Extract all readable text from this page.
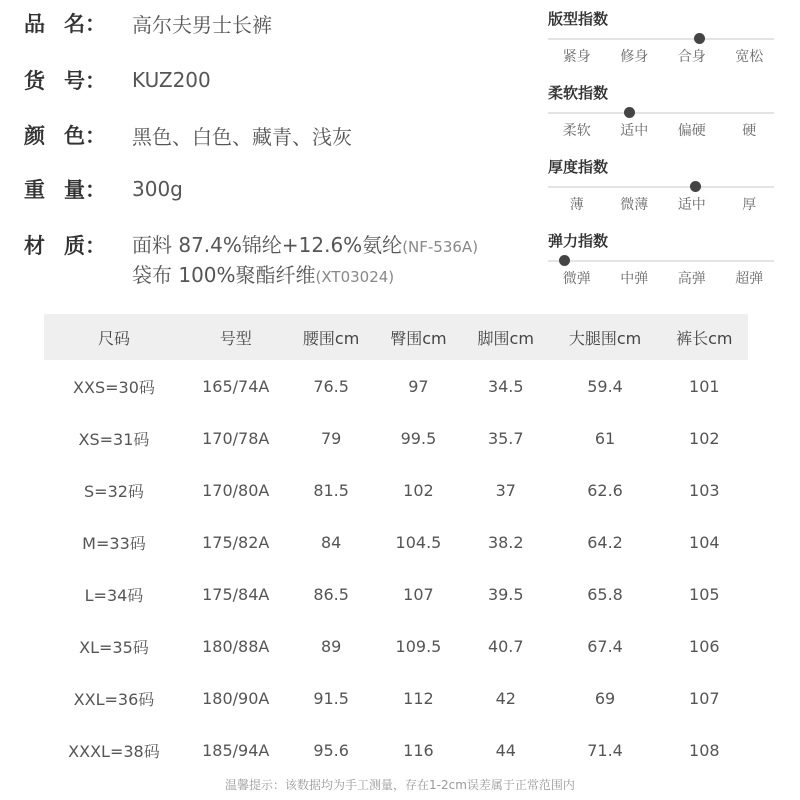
品 名： 高尔夫男士长裤
货 号： KUZ200
颜 色： 黑色、白色、藏青、浅灰
重 量： 300g
材 质： 面料 87.4%锦纶+12.6%氨纶(NF-536A)
袋布 100%聚酯纤维(XT03024)
版型指数
紧身	修身	合身	宽松
柔软指数
柔软	适中	偏硬	硬
厚度指数
薄	微薄	适中	厚
弹力指数
微弹	中弹	高弹	超弹
尺码	号型	腰围cm	臀围cm	脚围cm	大腿围cm	裤长cm
XXS=30码	165/74A	76.5	97	34.5	59.4	101
XS=31码	170/78A	79	99.5	35.7	61	102
S=32码	170/80A	81.5	102	37	62.6	103
M=33码	175/82A	84	104.5	38.2	64.2	104
L=34码	175/84A	86.5	107	39.5	65.8	105
XL=35码	180/88A	89	109.5	40.7	67.4	106
XXL=36码	180/90A	91.5	112	42	69	107
XXXL=38码	185/94A	95.6	116	44	71.4	108
温馨提示：该数据均为手工测量，存在1-2cm误差属于正常范围内
